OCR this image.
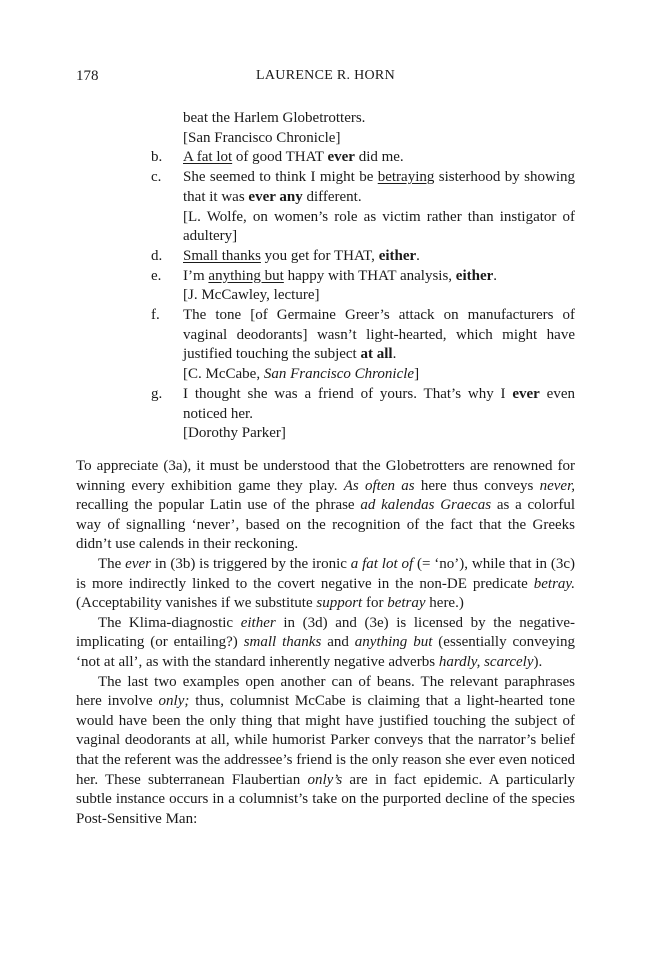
178	LAURENCE R. HORN
beat the Harlem Globetrotters.
[San Francisco Chronicle]
b.	A fat lot of good THAT ever did me.
c.	She seemed to think I might be betraying sisterhood by showing that it was ever any different.
[L. Wolfe, on women’s role as victim rather than instigator of adultery]
d.	Small thanks you get for THAT, either.
e.	I’m anything but happy with THAT analysis, either.
[J. McCawley, lecture]
f.	The tone [of Germaine Greer’s attack on manufacturers of vaginal deodorants] wasn’t light-hearted, which might have justified touching the subject at all.
[C. McCabe, San Francisco Chronicle]
g.	I thought she was a friend of yours. That’s why I ever even noticed her.
[Dorothy Parker]

To appreciate (3a), it must be understood that the Globetrotters are renowned for winning every exhibition game they play. As often as here thus conveys never, recalling the popular Latin use of the phrase ad kalendas Graecas as a colorful way of signalling ‘never’, based on the recognition of the fact that the Greeks didn’t use calends in their reckoning.

The ever in (3b) is triggered by the ironic a fat lot of (= ‘no’), while that in (3c) is more indirectly linked to the covert negative in the non-DE predicate betray. (Acceptability vanishes if we substitute support for betray here.)

The Klima-diagnostic either in (3d) and (3e) is licensed by the negative-implicating (or entailing?) small thanks and anything but (essentially conveying ‘not at all’, as with the standard inherently negative adverbs hardly, scarcely).

The last two examples open another can of beans. The relevant paraphrases here involve only; thus, columnist McCabe is claiming that a light-hearted tone would have been the only thing that might have justified touching the subject of vaginal deodorants at all, while humorist Parker conveys that the narrator’s belief that the referent was the addressee’s friend is the only reason she ever even noticed her. These subterranean Flaubertian only’s are in fact epidemic. A particularly subtle instance occurs in a columnist’s take on the purported decline of the species Post-Sensitive Man:
